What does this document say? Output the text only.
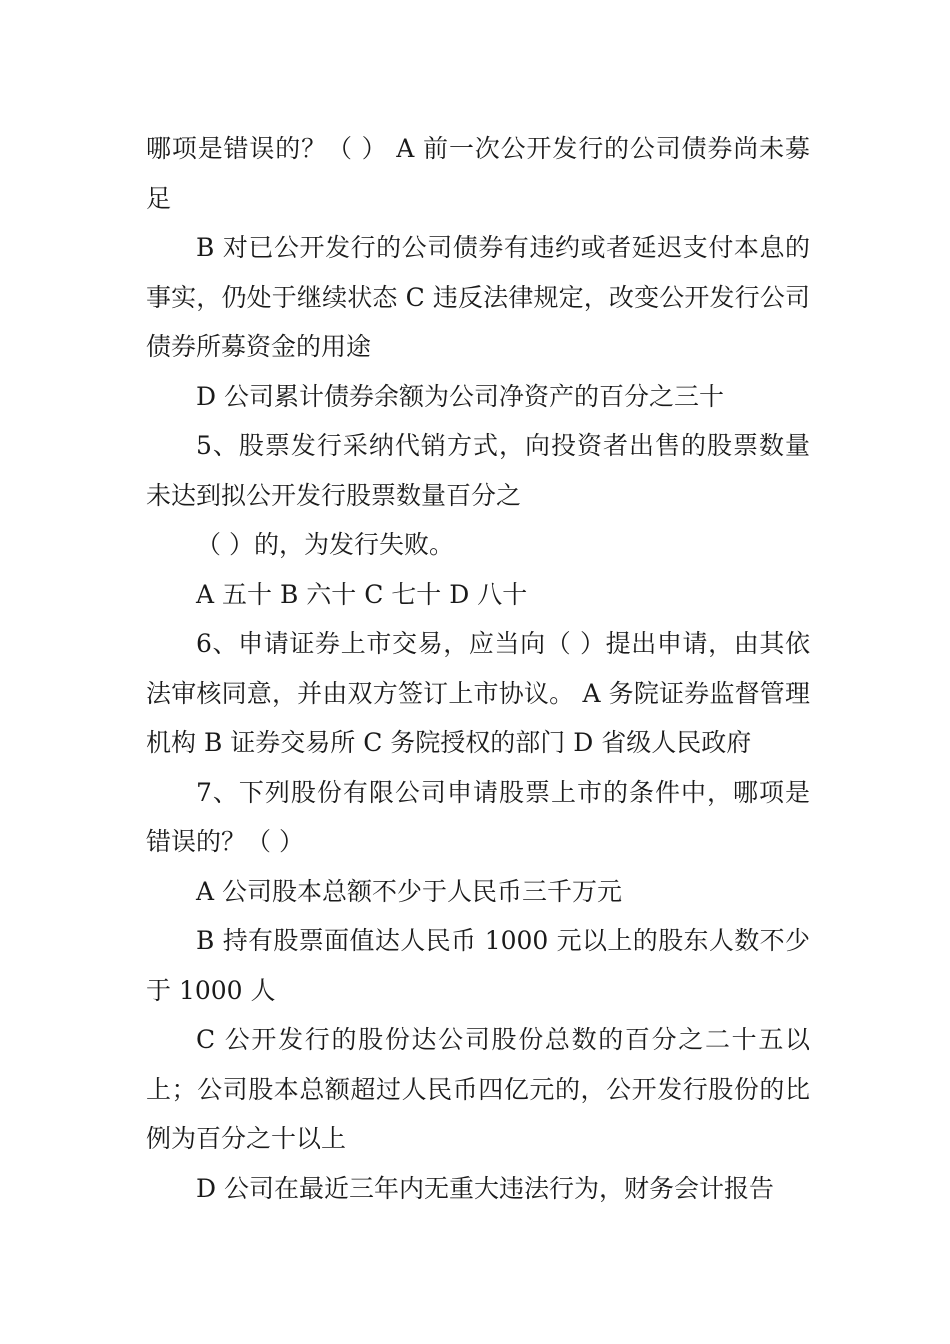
哪项是错误的？（ ） A 前一次公开发行的公司债券尚未募足

B 对已公开发行的公司债券有违约或者延迟支付本息的事实，仍处于继续状态 C 违反法律规定，改变公开发行公司债券所募资金的用途

D 公司累计债券余额为公司净资产的百分之三十

5、股票发行采纳代销方式，向投资者出售的股票数量未达到拟公开发行股票数量百分之

（ ）的，为发行失败。

A 五十 B 六十 C 七十 D 八十

6、申请证券上市交易，应当向（ ）提出申请，由其依法审核同意，并由双方签订上市协议。 A 务院证券监督管理机构 B 证券交易所 C 务院授权的部门 D 省级人民政府

7、下列股份有限公司申请股票上市的条件中，哪项是错误的？（ ）

A 公司股本总额不少于人民币三千万元

B 持有股票面值达人民币 1000 元以上的股东人数不少于 1000 人

C 公开发行的股份达公司股份总数的百分之二十五以上；公司股本总额超过人民币四亿元的，公开发行股份的比例为百分之十以上

D 公司在最近三年内无重大违法行为，财务会计报告
